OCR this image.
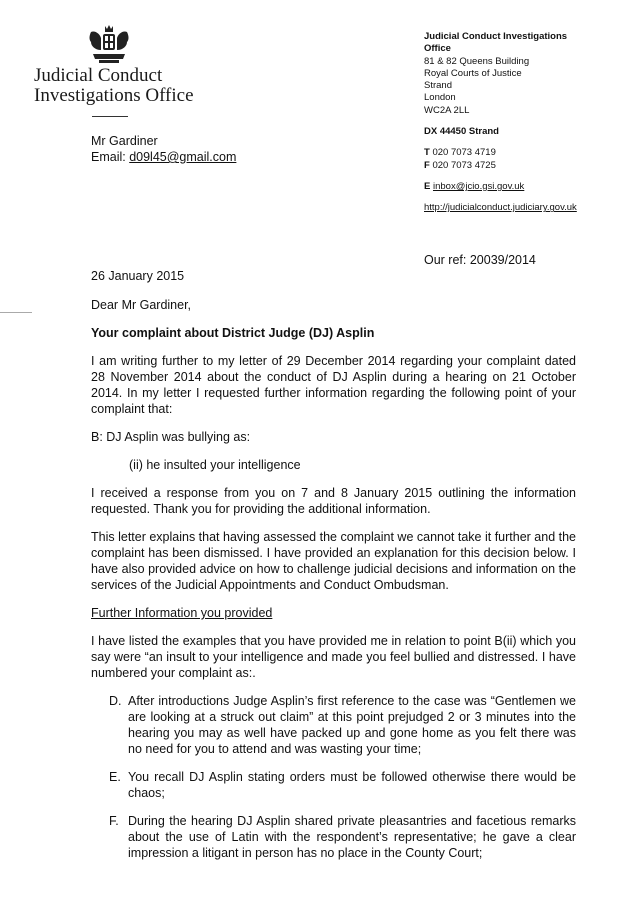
Judicial Conduct
Investigations Office
Judicial Conduct Investigations
Office
81 & 82 Queens Building
Royal Courts of Justice
Strand
London
WC2A 2LL
DX 44450 Strand
T 020 7073 4719
F 020 7073 4725
E inbox@jcio.gsi.gov.uk
http://judicialconduct.judiciary.gov.uk
Mr Gardiner
Email: d09l45@gmail.com
Our ref: 20039/2014

26 January 2015

Dear Mr Gardiner,

Your complaint about District Judge (DJ) Asplin

I am writing further to my letter of 29 December 2014 regarding your complaint dated 28 November 2014 about the conduct of DJ Asplin during a hearing on 21 October 2014. In my letter I requested further information regarding the following point of your complaint that:

B: DJ Asplin was bullying as:

(ii) he insulted your intelligence

I received a response from you on 7 and 8 January 2015 outlining the information requested. Thank you for providing the additional information.

This letter explains that having assessed the complaint we cannot take it further and the complaint has been dismissed. I have provided an explanation for this decision below. I have also provided advice on how to challenge judicial decisions and information on the services of the Judicial Appointments and Conduct Ombudsman.

Further Information you provided

I have listed the examples that you have provided me in relation to point B(ii) which you say were “an insult to your intelligence and made you feel bullied and distressed. I have numbered your complaint as:.

D. After introductions Judge Asplin’s first reference to the case was “Gentlemen we are looking at a struck out claim” at this point prejudged 2 or 3 minutes into the hearing you may as well have packed up and gone home as you felt there was no need for you to attend and was wasting your time;
E. You recall DJ Asplin stating orders must be followed otherwise there would be chaos;
F. During the hearing DJ Asplin shared private pleasantries and facetious remarks about the use of Latin with the respondent’s representative; he gave a clear impression a litigant in person has no place in the County Court;
